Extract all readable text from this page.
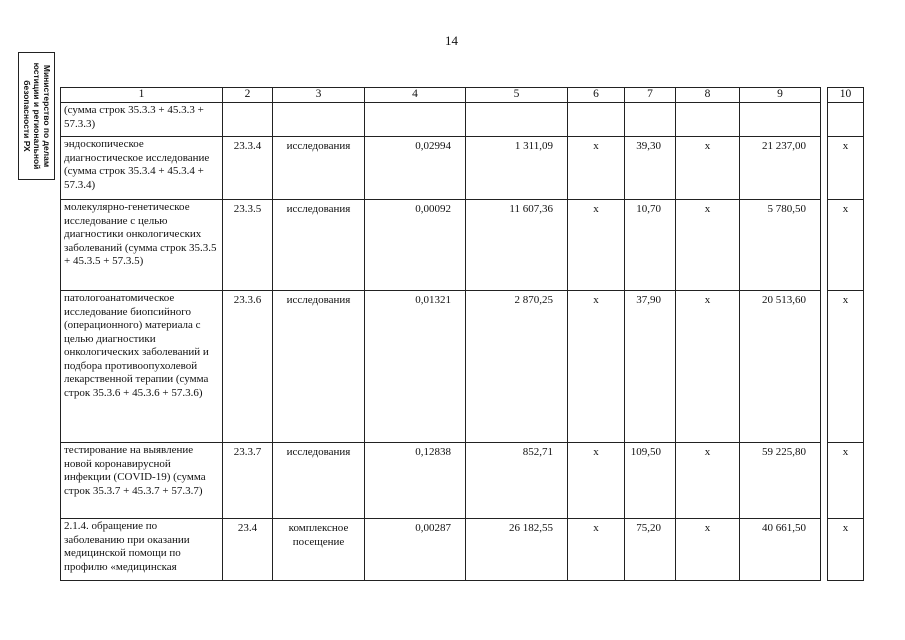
14
Министерство по делам юстиции и региональной безопасности РХ	1	2	3	4	5	6	7	8	9		10
(сумма строк 35.3.3 + 45.3.3 + 57.3.3)										
эндоскопическое диагностическое исследование (сумма строк 35.3.4 + 45.3.4 + 57.3.4)	23.3.4	исследования	0,02994	1 311,09	x	39,30	x	21 237,00		x
молекулярно-генетическое исследование с целью диагностики онкологических заболеваний (сумма строк 35.3.5 + 45.3.5 + 57.3.5)	23.3.5	исследования	0,00092	11 607,36	x	10,70	x	5 780,50		x
патологоанатомическое исследование биопсийного (операционного) материала с целью диагностики онкологических заболеваний и подбора противоопухолевой лекарственной терапии (сумма строк 35.3.6 + 45.3.6 + 57.3.6)	23.3.6	исследования	0,01321	2 870,25	x	37,90	x	20 513,60		x
тестирование на выявление новой коронавирусной инфекции (COVID-19) (сумма строк 35.3.7 + 45.3.7 + 57.3.7)	23.3.7	исследования	0,12838	852,71	x	109,50	x	59 225,80		x
2.1.4. обращение по заболеванию при оказании медицинской помощи по профилю «медицинская	23.4	комплексное посещение	0,00287	26 182,55	x	75,20	x	40 661,50		x
